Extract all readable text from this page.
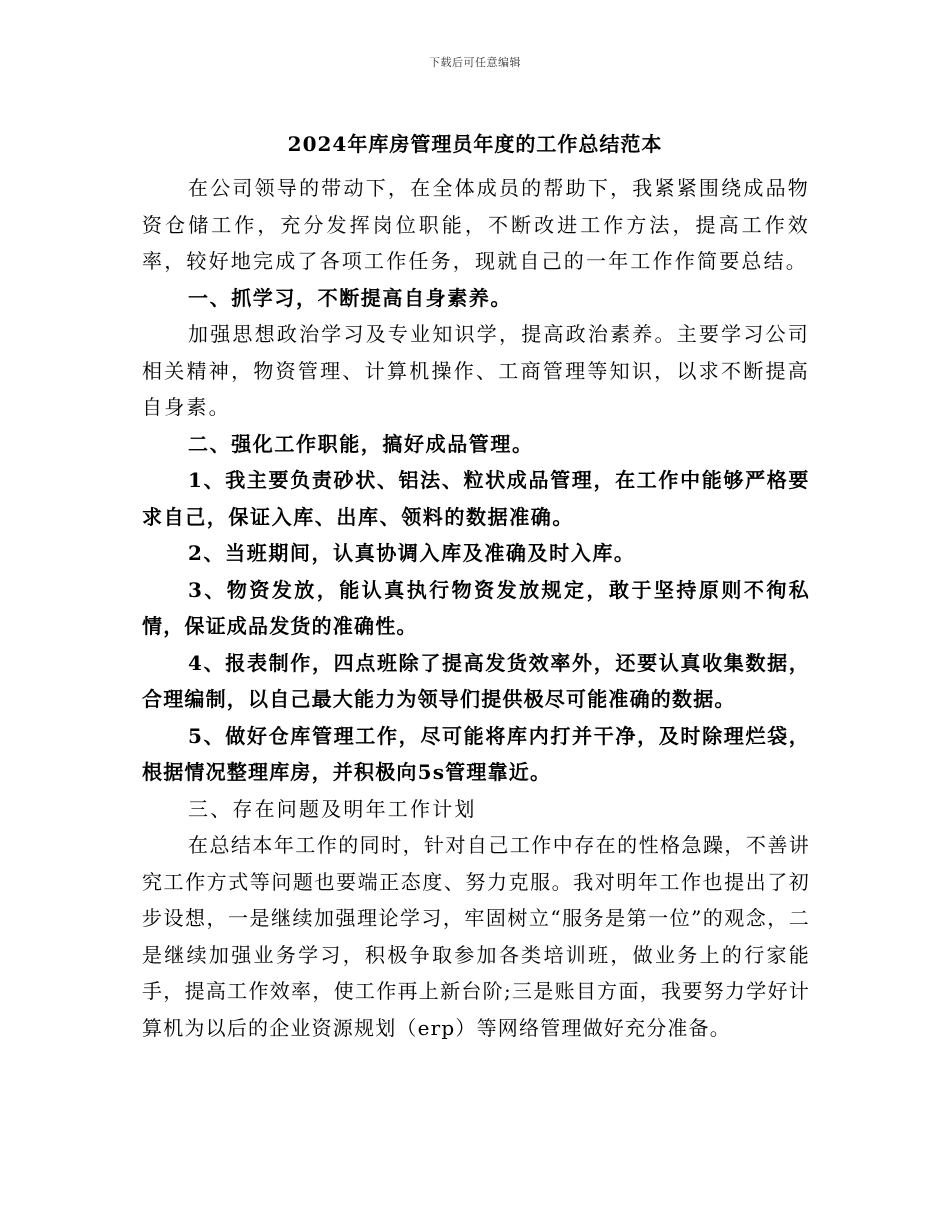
下载后可任意编辑
2024年库房管理员年度的工作总结范本

在公司领导的带动下，在全体成员的帮助下，我紧紧围绕成品物资仓储工作，充分发挥岗位职能，不断改进工作方法，提高工作效率，较好地完成了各项工作任务，现就自己的一年工作作简要总结。

一、抓学习，不断提高自身素养。

加强思想政治学习及专业知识学，提高政治素养。主要学习公司相关精神，物资管理、计算机操作、工商管理等知识，以求不断提高自身素。

二、强化工作职能，搞好成品管理。

1、我主要负责砂状、铝法、粒状成品管理，在工作中能够严格要求自己，保证入库、出库、领料的数据准确。

2、当班期间，认真协调入库及准确及时入库。

3、物资发放，能认真执行物资发放规定，敢于坚持原则不徇私情，保证成品发货的准确性。

4、报表制作，四点班除了提高发货效率外，还要认真收集数据，合理编制，以自己最大能力为领导们提供极尽可能准确的数据。

5、做好仓库管理工作，尽可能将库内打并干净，及时除理烂袋，根据情况整理库房，并积极向5s管理靠近。

三、存在问题及明年工作计划

在总结本年工作的同时，针对自己工作中存在的性格急躁，不善讲究工作方式等问题也要端正态度、努力克服。我对明年工作也提出了初步设想，一是继续加强理论学习，牢固树立“服务是第一位”的观念，二是继续加强业务学习，积极争取参加各类培训班，做业务上的行家能手，提高工作效率，使工作再上新台阶;三是账目方面，我要努力学好计算机为以后的企业资源规划（erp）等网络管理做好充分准备。
